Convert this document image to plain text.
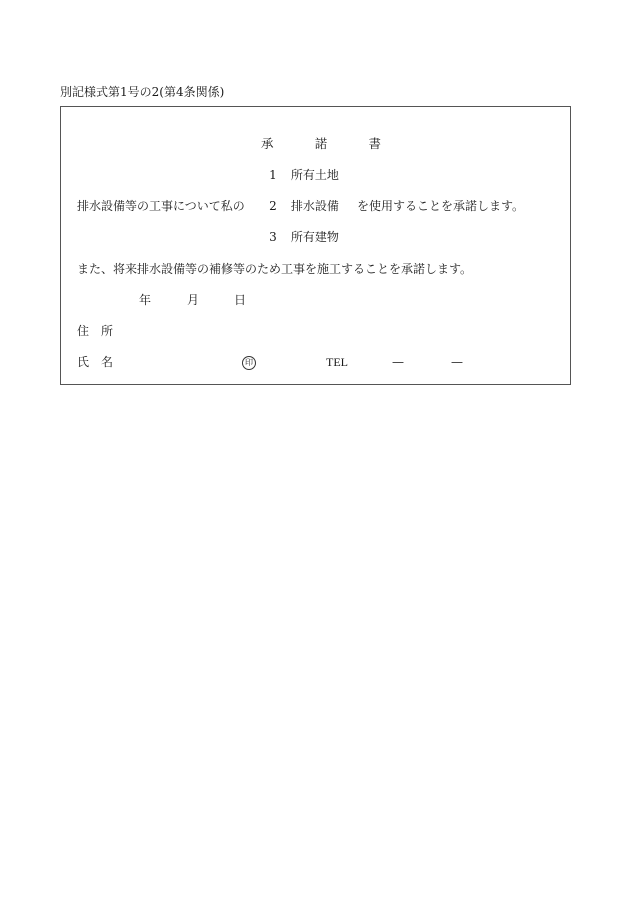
別記様式第1号の2(第4条関係)
承	諾	書
1 所有土地
排水設備等の工事について私の 2 排水設備 を使用することを承諾します。
3 所有建物
また、将来排水設備等の補修等のため工事を施工することを承諾します。
年	月	日
住　所
氏　名	印	TEL	—	—
